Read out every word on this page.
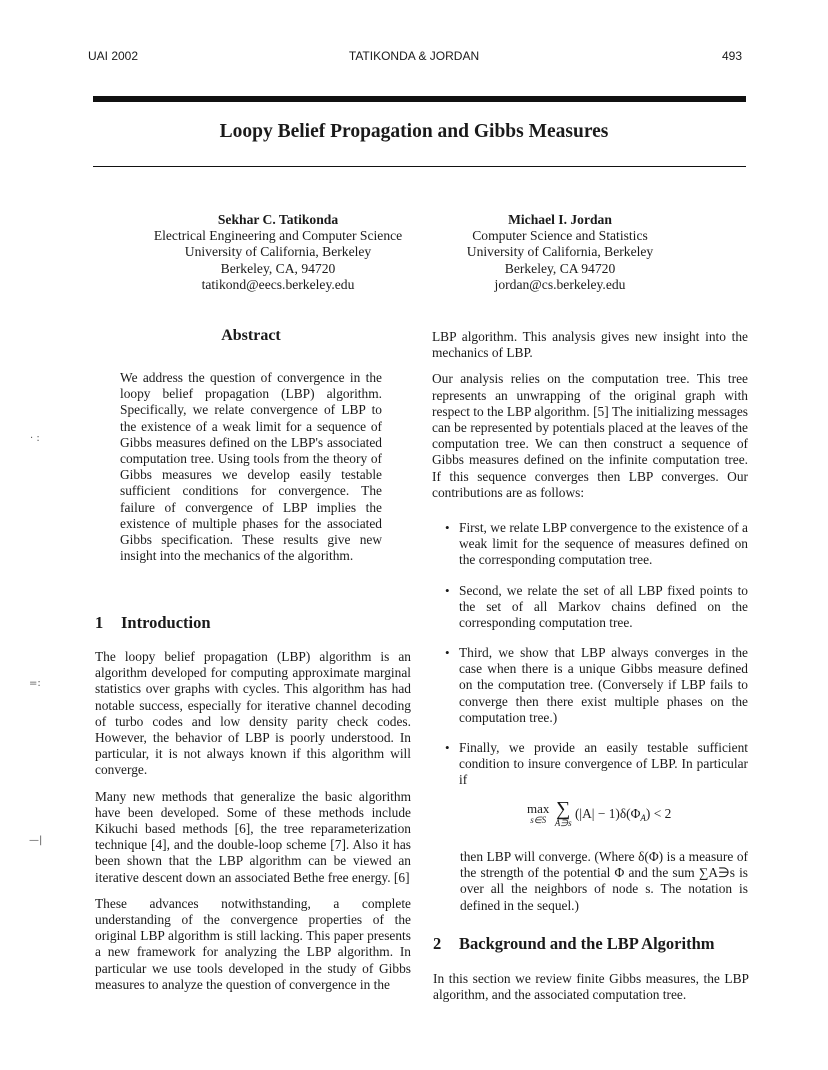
UAI 2002	TATIKONDA & JORDAN	493
Loopy Belief Propagation and Gibbs Measures
Sekhar C. Tatikonda
Electrical Engineering and Computer Science
University of California, Berkeley
Berkeley, CA, 94720
tatikond@eecs.berkeley.edu
Michael I. Jordan
Computer Science and Statistics
University of California, Berkeley
Berkeley, CA 94720
jordan@cs.berkeley.edu
Abstract

We address the question of convergence in the loopy belief propagation (LBP) algorithm. Specifically, we relate convergence of LBP to the existence of a weak limit for a sequence of Gibbs measures defined on the LBP's associated computation tree. Using tools from the theory of Gibbs measures we develop easily testable sufficient conditions for convergence. The failure of convergence of LBP implies the existence of multiple phases for the associated Gibbs specification. These results give new insight into the mechanics of the algorithm.

1 Introduction

The loopy belief propagation (LBP) algorithm is an algorithm developed for computing approximate marginal statistics over graphs with cycles. This algorithm has had notable success, especially for iterative channel decoding of turbo codes and low density parity check codes. However, the behavior of LBP is poorly understood. In particular, it is not always known if this algorithm will converge.

Many new methods that generalize the basic algorithm have been developed. Some of these methods include Kikuchi based methods [6], the tree reparameterization technique [4], and the double-loop scheme [7]. Also it has been shown that the LBP algorithm can be viewed an iterative descent down an associated Bethe free energy. [6]

These advances notwithstanding, a complete understanding of the convergence properties of the original LBP algorithm is still lacking. This paper presents a new framework for analyzing the LBP algorithm. In particular we use tools developed in the study of Gibbs measures to analyze the question of convergence in the

LBP algorithm. This analysis gives new insight into the mechanics of LBP.

Our analysis relies on the computation tree. This tree represents an unwrapping of the original graph with respect to the LBP algorithm. [5] The initializing messages can be represented by potentials placed at the leaves of the computation tree. We can then construct a sequence of Gibbs measures defined on the infinite computation tree. If this sequence converges then LBP converges. Our contributions are as follows:

• First, we relate LBP convergence to the existence of a weak limit for the sequence of measures defined on the corresponding computation tree.
• Second, we relate the set of all LBP fixed points to the set of all Markov chains defined on the corresponding computation tree.
• Third, we show that LBP always converges in the case when there is a unique Gibbs measure defined on the computation tree. (Conversely if LBP fails to converge then there exist multiple phases on the computation tree.)
• Finally, we provide an easily testable sufficient condition to insure convergence of LBP. In particular if
max
s∈S
∑
A∋s
$(|A| - 1)\delta(\Phi_A) < 2$

then LBP will converge. (Where δ(Φ) is a measure of the strength of the potential Φ and the sum ∑A∋s is over all the neighbors of node s. The notation is defined in the sequel.)

2 Background and the LBP Algorithm

In this section we review finite Gibbs measures, the LBP algorithm, and the associated computation tree.

· :
=:
—|
